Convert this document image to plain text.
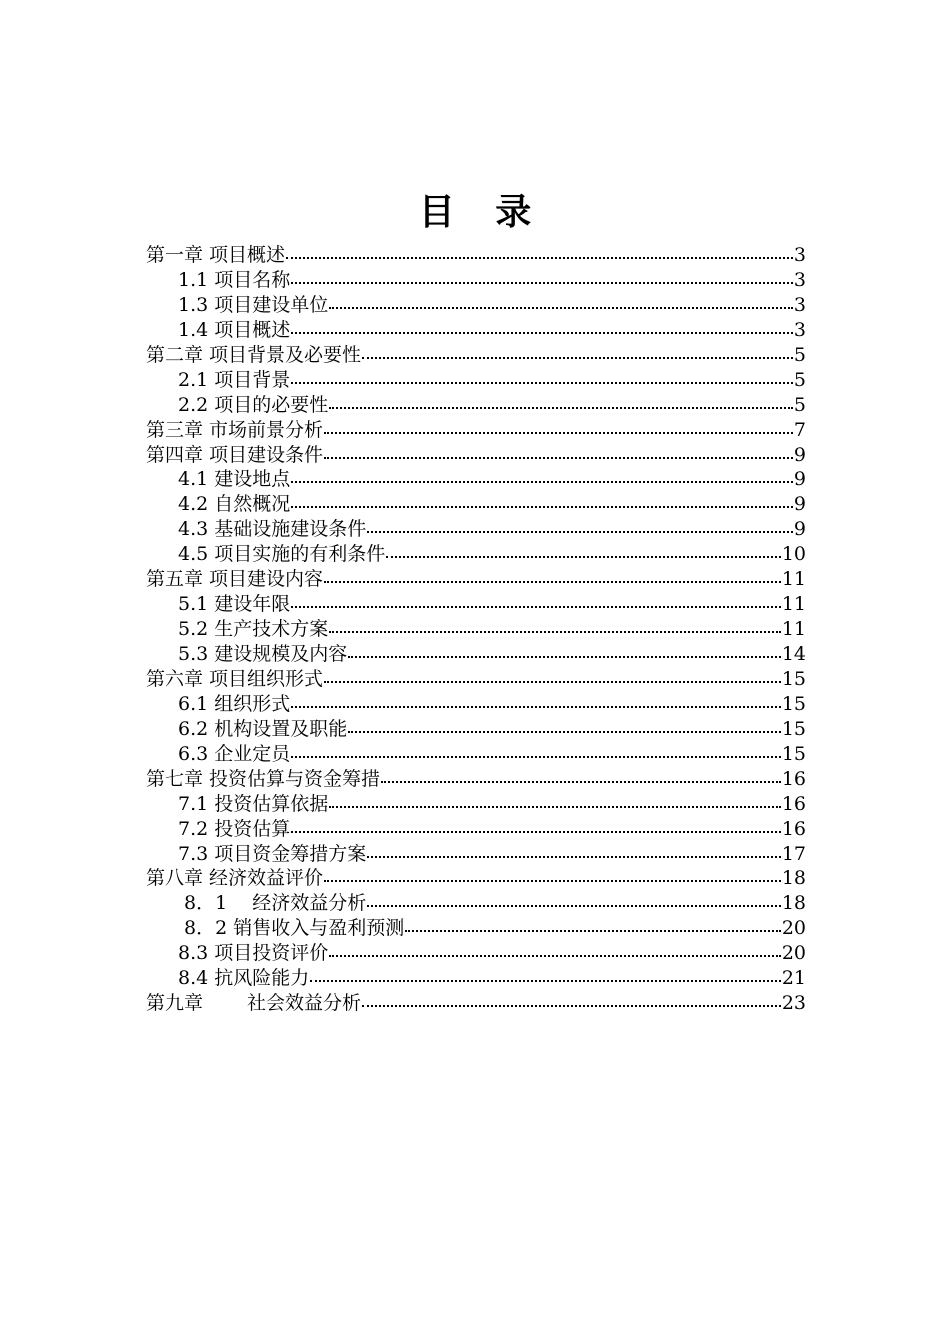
目 录
第一章 项目概述	3
1.1 项目名称	3
1.3 项目建设单位	3
1.4 项目概述	3
第二章 项目背景及必要性	5
2.1 项目背景	5
2.2 项目的必要性	5
第三章 市场前景分析	7
第四章 项目建设条件	9
4.1 建设地点	9
4.2 自然概况	9
4.3 基础设施建设条件	9
4.5 项目实施的有利条件	10
第五章 项目建设内容	11
5.1 建设年限	11
5.2 生产技术方案	11
5.3 建设规模及内容	14
第六章 项目组织形式	15
6.1 组织形式	15
6.2 机构设置及职能	15
6.3 企业定员	15
第七章 投资估算与资金筹措	16
7.1 投资估算依据	16
7.2 投资估算	16
7.3 项目资金筹措方案	17
第八章 经济效益评价	18
8．1　 经济效益分析	18
8．2 销售收入与盈利预测	20
8.3 项目投资评价	20
8.4 抗风险能力	21
第九章　　 社会效益分析	23
